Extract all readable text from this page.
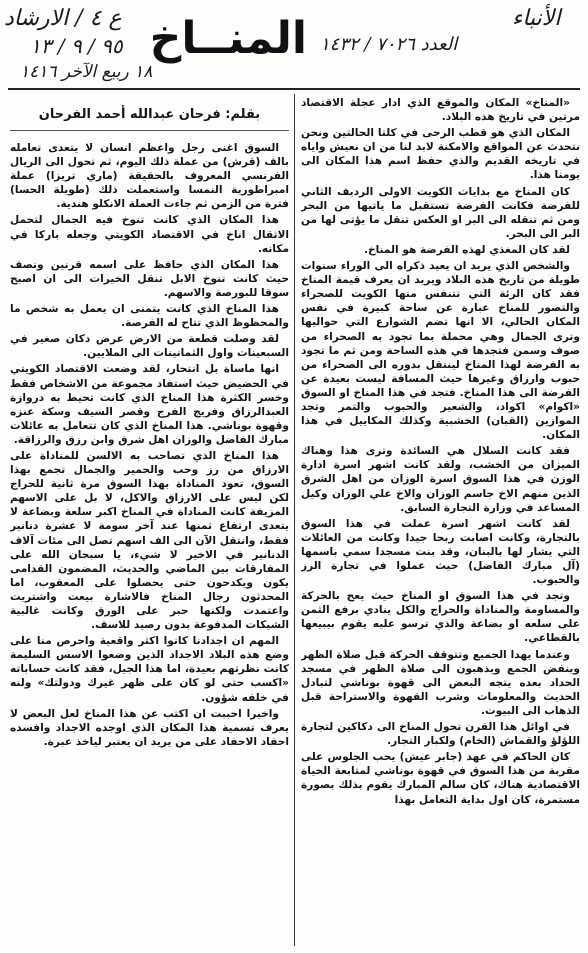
ع ٤ / الارشاد
٩٥ / ٩ / ١٣
١٨ ربيع الآخر ١٤١٦
الأنباء
العدد ٧٠٢٦ / ١٤٣٢
المنــاخ

«المناخ» المكان والموقع الذي ادار عجلة الاقتصاد مرتين في تاريخ هذه البلاد.

المكان الذي هو قطب الرحى في كلتا الحالتين ونحن نتحدث عن المواقع والامكنة لابد لنا من ان نعيش واياه في تاريخه القديم والذي حفظ اسم هذا المكان الى يومنا هذا.

كان المناخ مع بدايات الكويت الاولى الرديف الثاني للفرضة فكانت الفرضة تستقبل ما ياتيها من البحر ومن ثم تنقله الى البر او العكس تنقل ما يؤتى لها من البر الى البحر.

لقد كان المغذي لهذه الفرضة هو المناخ.

والشخص الذي يريد ان يعيد ذكراه الى الوراء سنوات طويلة من تاريخ هذه البلاد ويريد ان يعرف قيمة المناخ فقد كان الرئة التي تتنفس منها الكويت للصحراء والتصور للمناخ عبارة عن ساحة كبيرة في نفس المكان الحالي، الا انها تضم الشوارع التي حواليها وترى الجمال وهي محملة بما تجود به الصحراء من صوف وسمن فتجدها في هذه الساحة ومن ثم ما تجود به الفرضة لهذا المناخ لينتقل بدوره الى الصحراء من حبوب وارزاق وغيرها حيث المسافة ليست بعيدة عن الفرضة الى هذا المناخ. فتجد في هذا المناخ او السوق «اكوام» اكواد، والشعير والحبوب والتمر وتجد الموازين (القبان) الخشبية وكذلك المكاييل في هذا المكان.

فقد كانت السلال هي السائدة وترى هذا وهناك الميزان من الخشب، ولقد كانت اشهر اسرة ادارة الوزن في هذا السوق اسرة الوزان من اهل الشرق الذين منهم الاخ جاسم الوزان والاخ علي الوزان وكيل المساعد في وزارة التجارة السابق.

لقد كانت اشهر اسرة عملت في هذا السوق بالتجارة، وكانت اصابت ربحا جيدا وكانت من العائلات التي يشار لها بالبنان، وقد بنت مسجدا سمي باسمها (آل مبارك الفاضل) حيث عملوا في تجارة الرز والحبوب.

وتجد في هذا السوق او المناخ حيث يعج بالحركة والمساومة والمناداة والحراج والكل ينادي برفع الثمن على سلعه او بضاعة والذي ترسو عليه يقوم بيبيعها بالقطاعي.

وعندما يهدا الجميع وتتوقف الحركة قبل صلاة الظهر وينفض الجمع ويذهبون الى صلاة الظهر في مسجد الحداد بعده يتجه البعض الى قهوة بوناشي لتبادل الحديث والمعلومات وشرب القهوة والاستراحة قبل الذهاب الى البيوت.

في اوائل هذا القرن تحول المناخ الى دكاكين لتجارة اللؤلؤ والقماش (الخام) ولكبار التجار.

كان الحاكم في عهد (جابر عيش) يحب الجلوس على مقربة من هذا السوق في قهوة بوناشي لمتابعة الحياة الاقتصادية هناك، كان سالم المبارك يقوم بذلك بصورة مستمرة، كان اول بداية التعامل بهذا

بقلم: فرحان عبدالله أحمد الفرحان

السوق اغنى رجل واعظم انسان لا يتعدى تعامله بالف (قرش) من عملة ذلك اليوم، ثم تحول الى الريال الفرنسي المعروف بالحقيقة (ماري تريزا) عملة امبراطورية النمسا واستعملت ذلك (طويلة الحسا) فترة من الزمن ثم جاءت العملة الانكلو هندية.

هذا المكان الذي كانت تنوخ فيه الجمال لتحمل الاثقال اناخ في الاقتصاد الكويتي وجعله باركا في مكانه.

هذا المكان الذي حافظ على اسمه قرنين ونصف حيث كانت تنوخ الابل تنقل الخيرات الى ان اصبح سوقا للبورصة والاسهم.

هذا المناخ الذي كانت يتمنى ان يعمل به شخص ما والمحظوظ الذي تتاح له الفرصة.

لقد وصلت قطعة من الارض عرض دكان صغير في السبعينات واول الثمانينات الى الملايين.

انها ماساة بل انتحار، لقد وضعت الاقتصاد الكويتي في الحضيض حيث استفاد مجموعة من الاشخاص فقط وخسر الكثرة هذا المناخ الذي كانت تحيط به دروازة العبدالرزاق وفريج الفرج وقصر السيف وسكة عنزه وقهوة بوناشي. هذا المناخ الذي كان تتعامل به عائلات مبارك الفاضل والوزان اهل شرق وابن رزق والرزاقة.

هذا المناخ الذي تصاحب به الالسن للمناداة على الارزاق من رز وحب والحمير والجمال تجمع بهذا السوق، تعود المناداة بهذا السوق مرة ثانية للحراج لكن ليس على الارزاق والاكل، لا بل على الاسهم المزيفة كانت المناداة في المناخ اكبر سلعة وبضاعة لا يتعدى ارتفاع ثمنها عند آخر سومة لا عشرة دنانير فقط، وانتقل الآن الى الف اسهم تصل الى مئات آلاف الدنانير في الاخير لا شيء، يا سبحان الله على المفارقات بين الماضي والحديث، المضمون القدامى يكون ويكدحون حتى يحصلوا على المعقوب، اما المحدثون رجال المناخ فالاشارة بيعت واشتريت واعتمدت ولكنها حبر على الورق وكانت غالبية الشيكات المدفوعة بدون رصيد للاسف.

المهم ان اجدادنا كانوا اكثر واقعية واحرص منا على وضع هذه البلاد الاجداد الذين وضعوا الاسس السليمة كانت نظرتهم بعيدة، اما هذا الجيل، فقد كانت حساباته «اكسب حتى لو كان على ظهر غيرك ودولتك» ولنه في خلفه شؤون.

واخيرا احببت ان اكتب عن هذا المناخ لعل البعض لا يعرف تسمية هذا المكان الذي اوجده الاجداد وافسده احفاد الاحفاد على من يريد ان يعتبر لياخذ عبرة.
